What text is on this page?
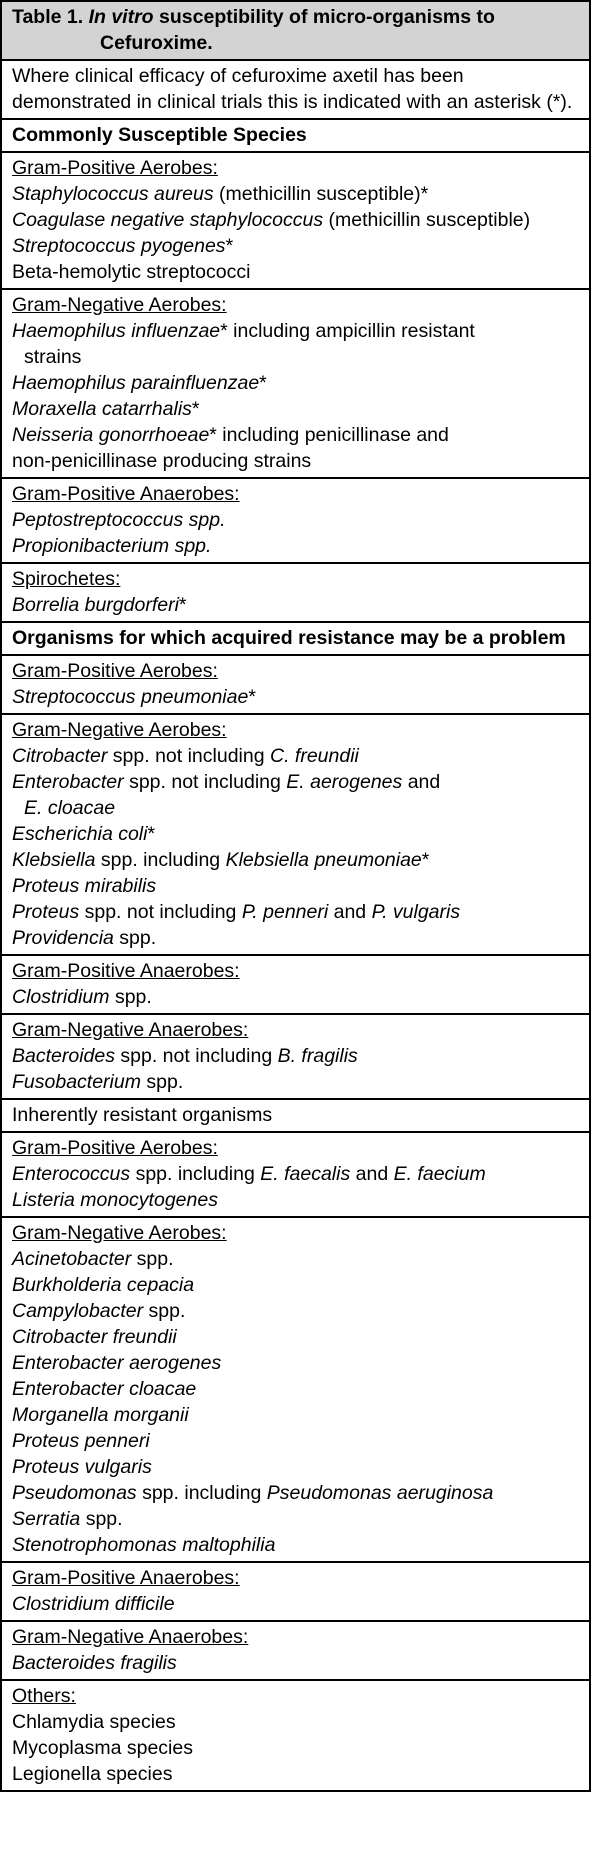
Table 1. In vitro susceptibility of micro-organisms to
Cefuroxime.

Where clinical efficacy of cefuroxime axetil has been demonstrated in clinical trials this is indicated with an asterisk (*).
Commonly Susceptible Species
Gram-Positive Aerobes:
Staphylococcus aureus (methicillin susceptible)*
Coagulase negative staphylococcus (methicillin susceptible)
Streptococcus pyogenes*
Beta-hemolytic streptococci

Gram-Negative Aerobes:
Haemophilus influenzae* including ampicillin resistant
strains
Haemophilus parainfluenzae*
Moraxella catarrhalis*
Neisseria gonorrhoeae* including penicillinase and
non-penicillinase producing strains

Gram-Positive Anaerobes:
Peptostreptococcus spp.
Propionibacterium spp.

Spirochetes:
Borrelia burgdorferi*

Organisms for which acquired resistance may be a problem
Gram-Positive Aerobes:
Streptococcus pneumoniae*

Gram-Negative Aerobes:
Citrobacter spp. not including C. freundii
Enterobacter spp. not including E. aerogenes and
E. cloacae
Escherichia coli*
Klebsiella spp. including Klebsiella pneumoniae*
Proteus mirabilis
Proteus spp. not including P. penneri and P. vulgaris
Providencia spp.

Gram-Positive Anaerobes:
Clostridium spp.

Gram-Negative Anaerobes:
Bacteroides spp. not including B. fragilis
Fusobacterium spp.

Inherently resistant organisms
Gram-Positive Aerobes:
Enterococcus spp. including E. faecalis and E. faecium
Listeria monocytogenes

Gram-Negative Aerobes:
Acinetobacter spp.
Burkholderia cepacia
Campylobacter spp.
Citrobacter freundii
Enterobacter aerogenes
Enterobacter cloacae
Morganella morganii
Proteus penneri
Proteus vulgaris
Pseudomonas spp. including Pseudomonas aeruginosa
Serratia spp.
Stenotrophomonas maltophilia

Gram-Positive Anaerobes:
Clostridium difficile

Gram-Negative Anaerobes:
Bacteroides fragilis

Others:
Chlamydia species
Mycoplasma species
Legionella species
